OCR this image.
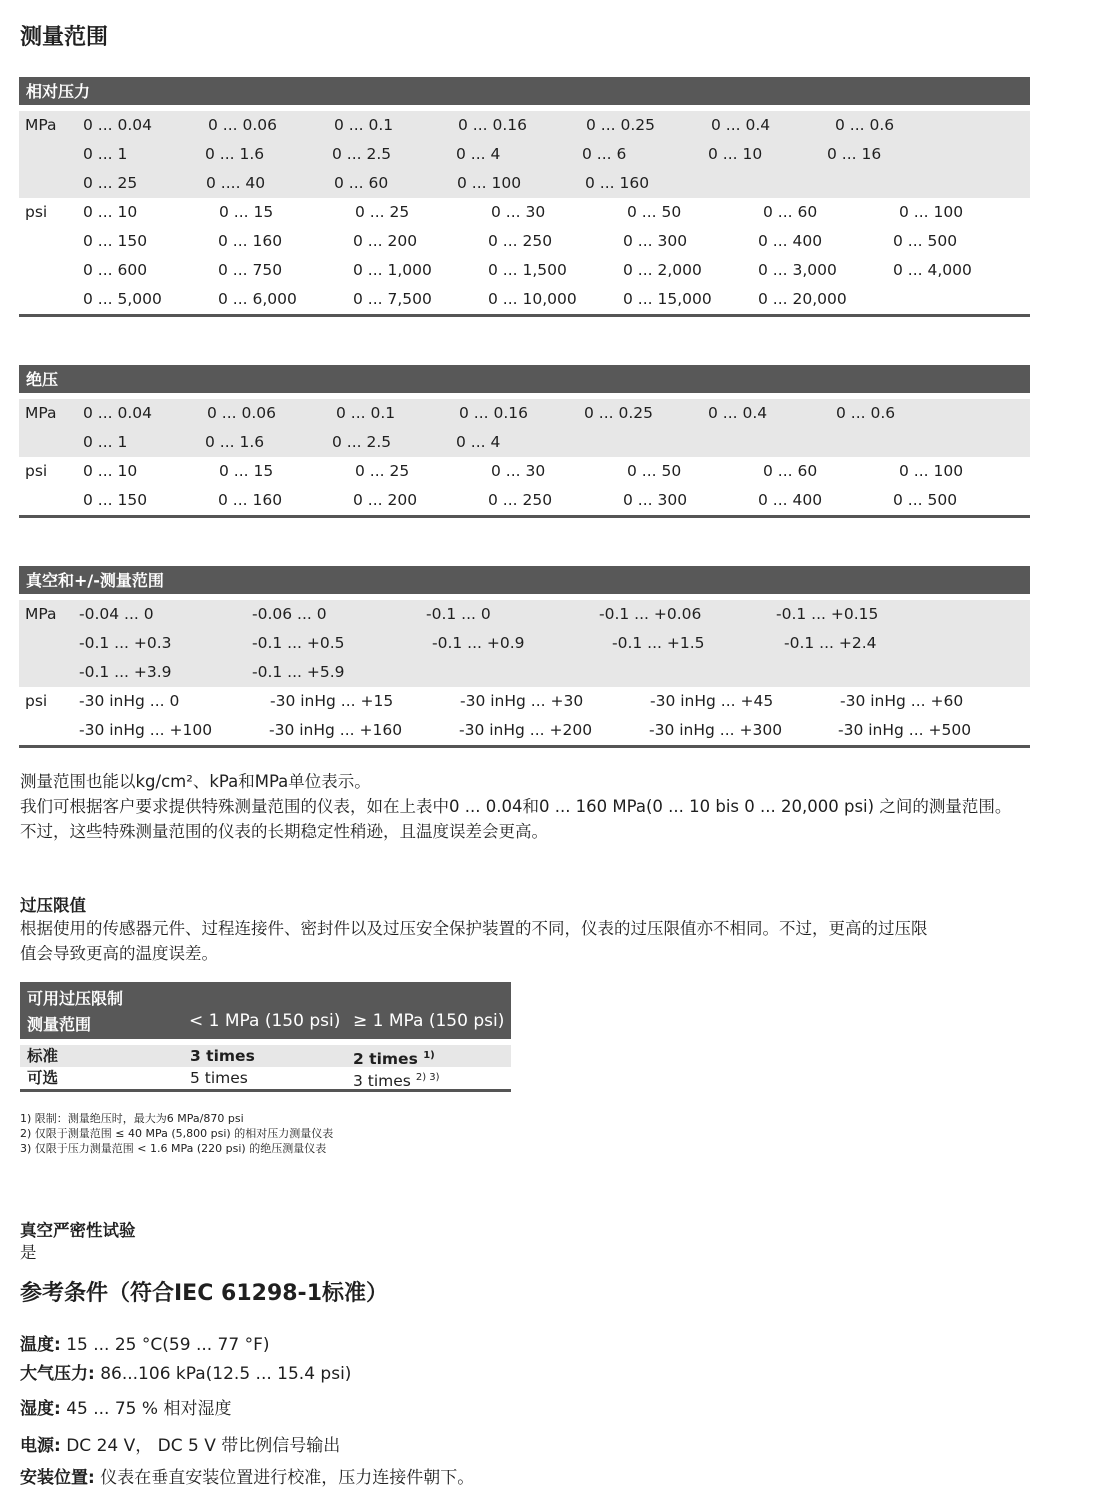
测量范围
相对压力
MPa 0 ... 0.04	0 ... 0.06	0 ... 0.1	0 ... 0.16	0 ... 0.25	0 ... 0.4	0 ... 0.6
0 ... 1	0 ... 1.6	0 ... 2.5	0 ... 4	0 ... 6	0 ... 10	0 ... 16
0 ... 25	0 .... 40	0 ... 60	0 ... 100	0 ... 160
psi 0 ... 10	0 ... 15	0 ... 25	0 ... 30	0 ... 50	0 ... 60	0 ... 100
0 ... 150	0 ... 160	0 ... 200	0 ... 250	0 ... 300	0 ... 400	0 ... 500
0 ... 600	0 ... 750	0 ... 1,000	0 ... 1,500	0 ... 2,000	0 ... 3,000	0 ... 4,000
0 ... 5,000	0 ... 6,000	0 ... 7,500	0 ... 10,000	0 ... 15,000	0 ... 20,000
绝压
MPa 0 ... 0.04	0 ... 0.06	0 ... 0.1	0 ... 0.16	0 ... 0.25	0 ... 0.4	0 ... 0.6
0 ... 1	0 ... 1.6	0 ... 2.5	0 ... 4
psi 0 ... 10	0 ... 15	0 ... 25	0 ... 30	0 ... 50	0 ... 60	0 ... 100
0 ... 150	0 ... 160	0 ... 200	0 ... 250	0 ... 300	0 ... 400	0 ... 500
真空和+/-测量范围
MPa -0.04 ... 0	-0.06 ... 0	-0.1 ... 0	-0.1 ... +0.06	-0.1 ... +0.15
-0.1 ... +0.3	-0.1 ... +0.5	-0.1 ... +0.9	-0.1 ... +1.5	-0.1 ... +2.4
-0.1 ... +3.9	-0.1 ... +5.9
psi -30 inHg ... 0	-30 inHg ... +15	-30 inHg ... +30	-30 inHg ... +45	-30 inHg ... +60
-30 inHg ... +100	-30 inHg ... +160	-30 inHg ... +200	-30 inHg ... +300	-30 inHg ... +500

测量范围也能以kg/cm²、kPa和MPa单位表示。

我们可根据客户要求提供特殊测量范围的仪表，如在上表中0 ... 0.04和0 ... 160 MPa(0 ... 10 bis 0 ... 20,000 psi) 之间的测量范围。

不过，这些特殊测量范围的仪表的长期稳定性稍逊，且温度误差会更高。

过压限值

根据使用的传感器元件、过程连接件、密封件以及过压安全保护装置的不同，仪表的过压限值亦不相同。不过，更高的过压限

值会导致更高的温度误差。

可用过压限制
测量范围	< 1 MPa (150 psi) ≥ 1 MPa (150 psi)
标准	3 times	2 times $^{1)}$
可选	5 times	3 times $^{2) 3)}$
1) 限制：测量绝压时，最大为6 MPa/870 psi
2) 仅限于测量范围 ≤ 40 MPa (5,800 psi) 的相对压力测量仪表
3) 仅限于压力测量范围 < 1.6 MPa (220 psi) 的绝压测量仪表

真空严密性试验

是

参考条件（符合IEC 61298-1标准）
温度: 15 ... 25 °C(59 ... 77 °F)
大气压力: 86...106 kPa(12.5 ... 15.4 psi)
湿度: 45 ... 75 % 相对湿度
电源: DC 24 V， DC 5 V 带比例信号输出
安装位置: 仪表在垂直安装位置进行校准，压力连接件朝下。
